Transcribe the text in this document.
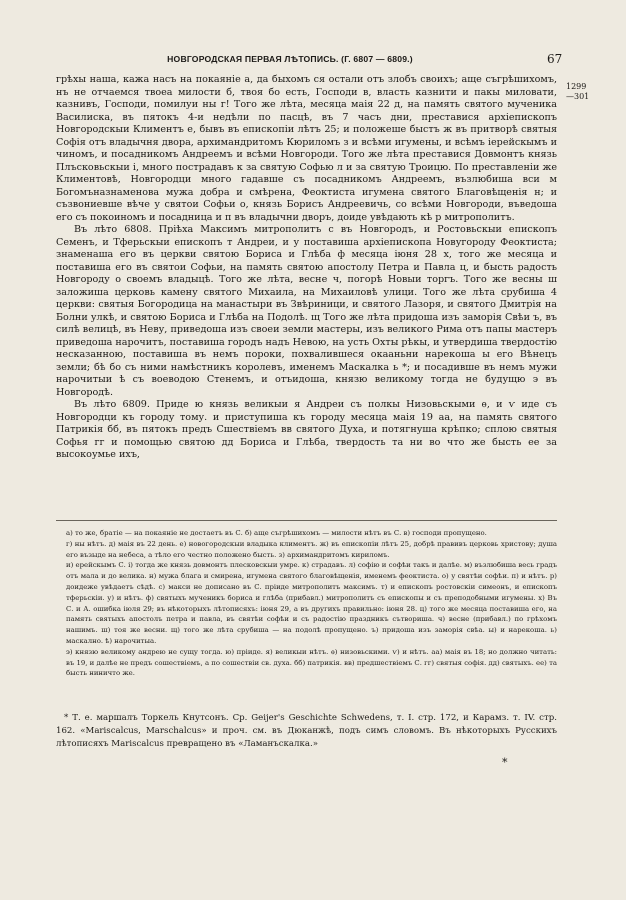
НОВГОРОДСКАЯ ПЕРВАЯ ЛѢТОПИСЬ. (Г. 6807 — 6809.)	67
1299
—301

грѣхы наша, кажа насъ на покаяніе а, да быхомъ ся остали отъ злобъ своихъ; аще съгрѣшихомъ, нъ не отчаемся твоеа милости б, твоя бо есть, Господи в, власть казнити и пакы миловати, казнивъ, Господи, помилуи ны г! Того же лѣта, месяца маія 22 д, на память святого мученика Василиска, въ пятокъ 4-и недѣли по пасцѣ, въ 7 часъ дни, преставися архіепископъ Новгородскыи Климентъ е, бывъ въ епископіи лѣтъ 25; и положеше быстъ ж въ притворѣ святыя Софія отъ владычня двора, архимандритомъ Кюриломъ з и всѣми игумены, и всѣмъ іерейскымъ и чиномъ, и посадникомъ Андреемъ и всѣми Новгороди. Того же лѣта преставися Довмонтъ князь Плъсковьскыи і, много пострадавъ к за святую Софью л и за святую Троицю. По преставленіи же Климентовѣ, Новгородци много гадавше съ посадникомъ Андреемъ, възлюбиша вси м Богомъназнаменова мужа добра и смѣрена, Феоктиста игумена святого Благовѣщенія н; и съзвониевше вѣче у святои Софьи о, князь Борисъ Андреевичь, со всѣми Новгороди, въведоша его съ покоиномъ и посадница и п въ владычни дворъ, доиде увѣдають кѣ р митрополитъ.

Въ лѣто 6808. Пріѣха Максимъ митрополитъ с въ Новгородъ, и Ростовьскыи епископъ Семенъ, и Тферьскыи епископъ т Андреи, и у поставиша архіепископа Новугороду Феоктиста; знаменаша его въ церкви святою Бориса и Глѣба ф месяца іюня 28 х, того же месяца и поставиша его въ святои Софьи, на память святою апостолу Петра и Павла ц, и бысть радость Новгороду о своемъ владыцѣ. Того же лѣта, весне ч, погорѣ Новыи торгъ. Того же весны ш заложиша церковь камену святого Михаила, на Михаиловѣ улици. Того же лѣта срубиша 4 церкви: святыя Богородица на манастыри въ Звѣриници, и святого Лазоря, и святого Дмитрія на Болни улкѣ, и святою Бориса и Глѣба на Подолѣ. щ Того же лѣта придоша изъ заморія Свѣи ъ, въ силѣ велицѣ, въ Неву, приведоша изъ своеи земли мастеры, изъ великого Рима отъ папы мастеръ приведоша нарочитъ, поставиша городъ надъ Невою, на усть Охты рѣкы, и утвердиша твердостію несказанною, поставиша въ немъ пороки, похвалившеся окааньни нарекоша ы его Вѣнецъ земли; бѣ бо съ ними намѣстникъ королевъ, именемъ Маскалка ь *; и посадивше въ немъ мужи нарочитыи ѣ съ воеводою Стенемъ, и отъидоша, князю великому тогда не будущю э въ Новгородѣ.

Въ лѣто 6809. Приде ю князь великыи я Андреи съ полкы Низовьскыми ѳ, и ѵ иде съ Новгородци къ городу тому. и приступиша къ городу месяца маія 19 аа, на память святого Патрикія бб, въ пятокъ предъ Сшествіемъ вв святого Духа, и потягнуша крѣпко; сплою святыя Софья гг и помощью святою дд Бориса и Глѣба, твердость та ни во что же бысть ее за высокоумье ихъ,

а) то же, братіе — на покаяніе не достаетъ въ С. б) аще съгрѣшихомъ — милости нѣтъ въ С. в) господи пропущено.

г) ны нѣтъ. д) маія въ 22 день. е) новогородскыи владыка климентъ. ж) въ епископіи лѣтъ 25, добрѣ правивъ церковь христову; душа его възыде на небеса, а тѣло его честно положено бысть. з) архимандритомъ кириломъ.

и) ерейскымъ С. і) тогда же князь довмонтъ плесковскыи умре. к) страдавъ. л) софію и софѣи такъ и далѣе. м) възлюбиша весь градъ отъ мала и до велика. н) мужа блага и смирена, игумена святого благовѣщенія, именемъ феоктиста. о) у святѣи софѣи. п) и нѣтъ. р) доидеже увѣдаетъ сѣдѣ. с) макси не дописано въ С. пріиде митрополитъ максимъ. т) и епископъ ростовскіи симеонъ, и епископъ тферьскіи. у) и нѣтъ. ф) святыхъ мученикъ бориса и глѣба (прибавл.) митрополитъ съ епископы и съ преподобными игумены. х) Въ С. и А. ошибка іюля 29; въ нѣкоторыхъ лѣтописяхъ: іюня 29, а въ другихъ правильно: іюня 28. ц) того же месяца поставиша его, на память святыхъ апостолъ петра и павла, въ святѣи софѣи и съ радостію праздникъ сътвориша. ч) весне (прибавл.) по грѣхомъ нашимъ. ш) тоя же весни. щ) того же лѣта срубиша — на подолѣ пропущено. ъ) придоша изъ заморія свѣа. ы) и нарекоша. ь) маскално. ѣ) нарочитыа.

э) князю великому андрею не сущу тогда. ю) пріиде. я) великыи нѣтъ. ѳ) низовьскими. ѵ) и нѣтъ. аа) маія въ 18; но должно читать: въ 19, и далѣе не предъ сошествіемъ, а по сошествіи св. духа. бб) патрикія. вв) предшествіемъ С. гг) святыя софія. дд) святыхъ. ее) та бысть ниничто же.

* Т. е. маршалъ Торкель Кнутсонъ. Ср. Geijer's Geschichte Schwedens, т. I. стр. 172, и Карамз. т. IV. стр. 162. «Mariscalcus, Marschalcus» и проч. см. въ Дюканжѣ, подъ симъ словомъ. Въ нѣкоторыхъ Русскихъ лѣтописяхъ Mariscalcus превращено въ «Ламанъскалка.»

*
